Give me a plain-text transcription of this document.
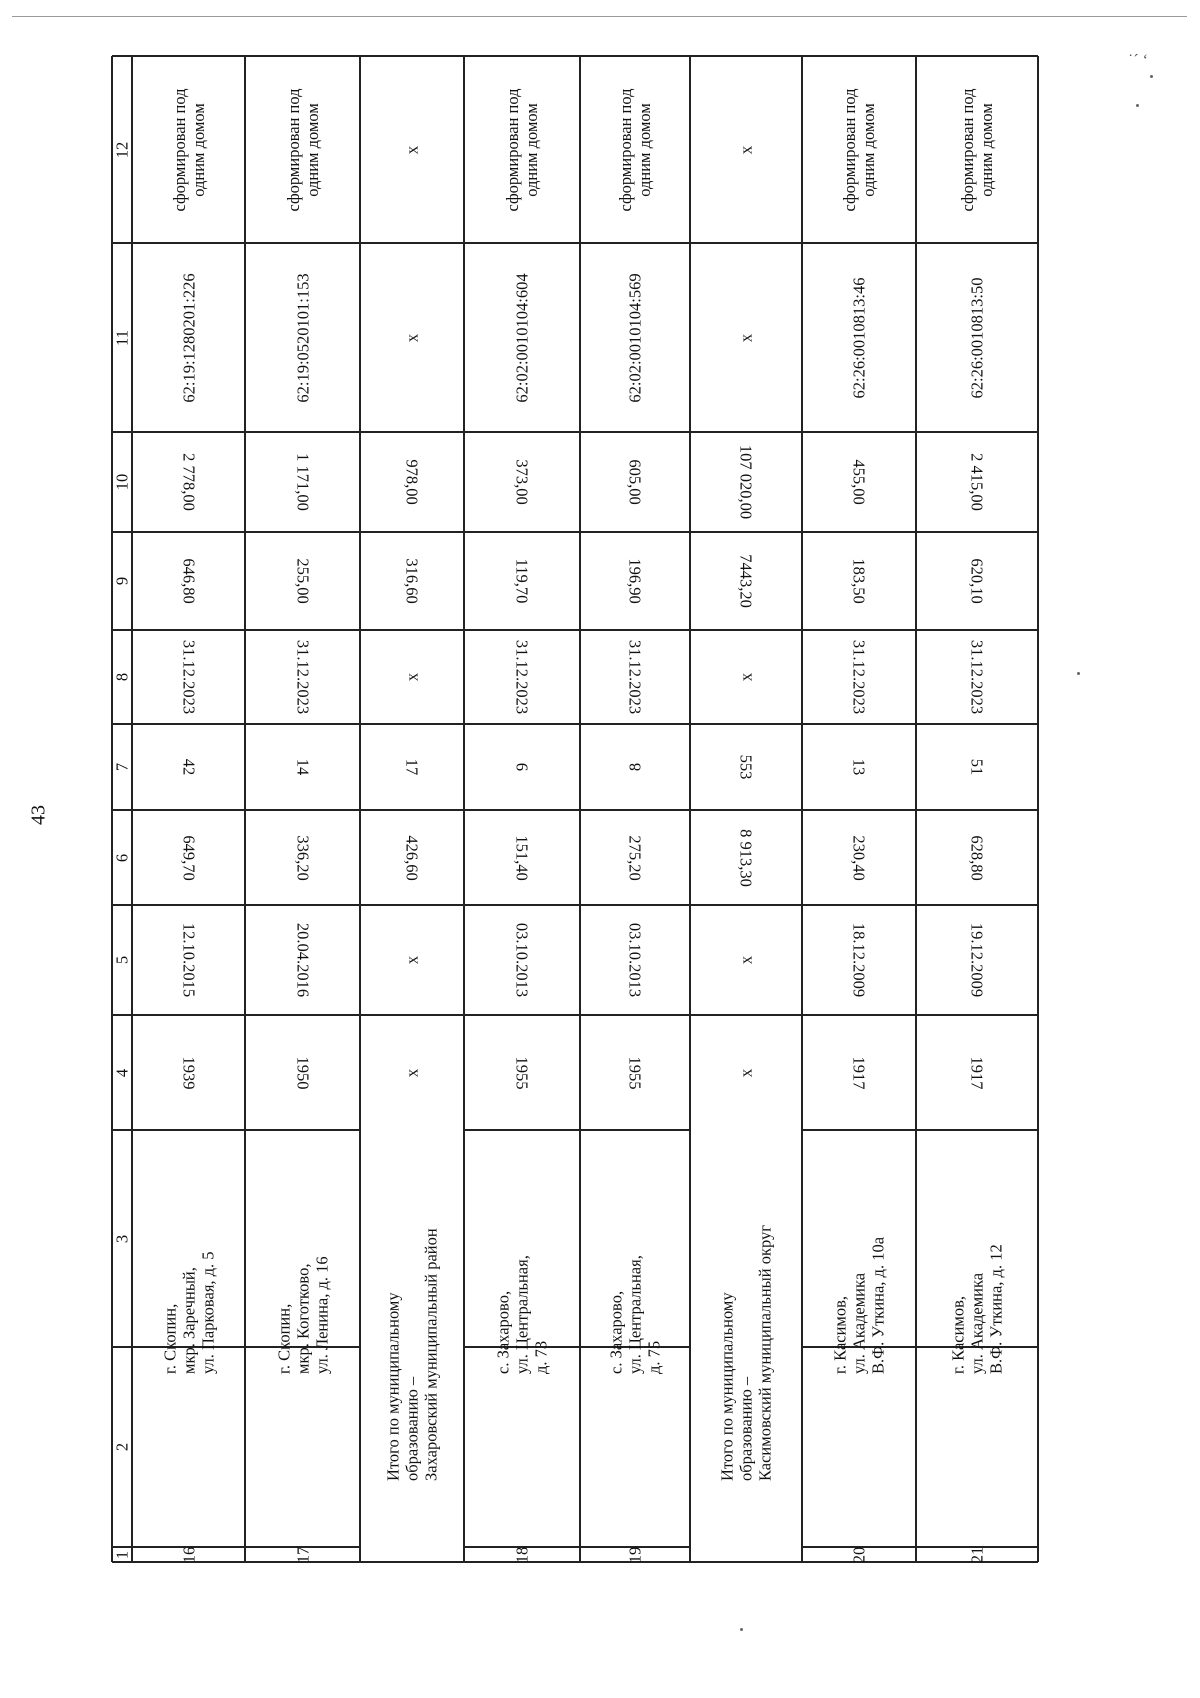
43
˙ˊ ʻ
1
2
3
4
5
6
7
8
9
10
11
12
16
г. Скопин,
мкр. Заречный,
ул. Парковая, д. 5
1939
12.10.2015
649,70
42
31.12.2023
646,80
2 778,00
62:19:1280201:226
сформирован под
одним домом
17
г. Скопин,
мкр. Коготково,
ул. Ленина, д. 16
1950
20.04.2016
336,20
14
31.12.2023
255,00
1 171,00
62:19:0520101:153
сформирован под
одним домом
Итого по муниципальному образованию –
Захаровский муниципальный район
x
x
426,60
17
x
316,60
978,00
x
x
18
с. Захарово,
ул. Центральная,
д. 73
1955
03.10.2013
151,40
9
31.12.2023
119,70
373,00
62:02:0010104:604
сформирован под
одним домом
19
с. Захарово,
ул. Центральная,
д. 75
1955
03.10.2013
275,20
8
31.12.2023
196,90
605,00
62:02:0010104:569
сформирован под
одним домом
Итого по муниципальному образованию –
Касимовский муниципальный округ
x
x
8 913,30
553
x
7443,20
107 020,00
x
x
20
г. Касимов,
ул. Академика
В.Ф. Уткина, д. 10а
1917
18.12.2009
230,40
13
31.12.2023
183,50
455,00
62:26:0010813:46
сформирован под
одним домом
21
г. Касимов,
ул. Академика
В.Ф. Уткина, д. 12
1917
19.12.2009
628,80
51
31.12.2023
620,10
2 415,00
62:26:0010813:50
сформирован под
одним домом
